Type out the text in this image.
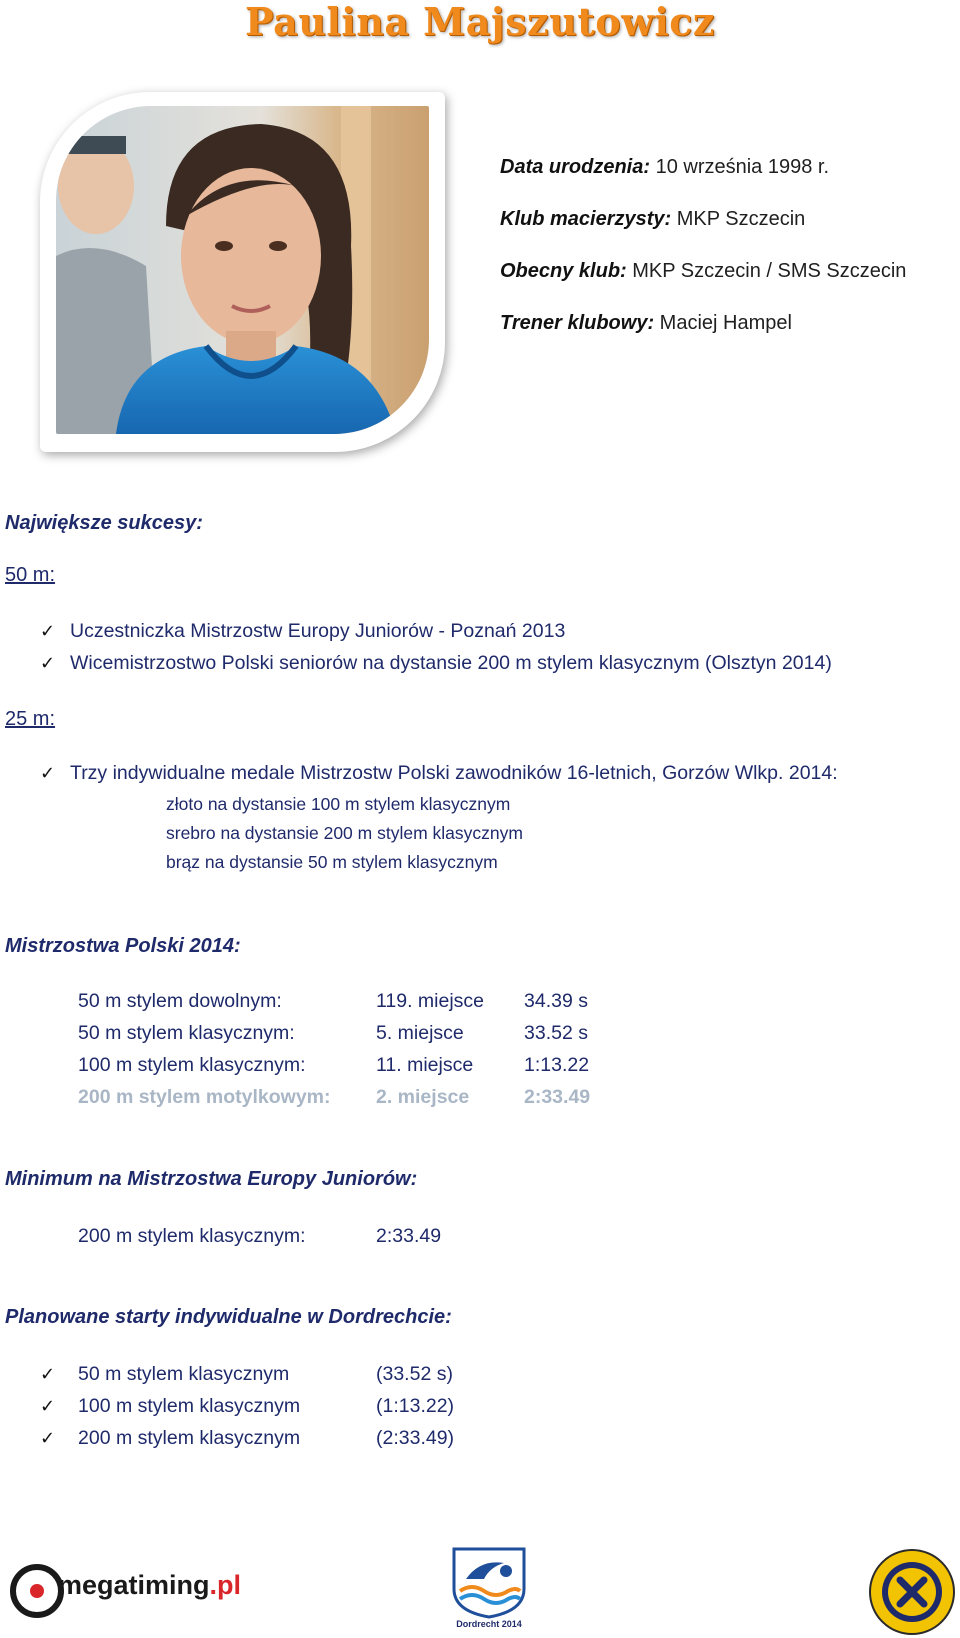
Paulina Majszutowicz
Data urodzenia: 10 września 1998 r.
Klub macierzysty: MKP Szczecin
Obecny klub: MKP Szczecin / SMS Szczecin
Trener klubowy: Maciej Hampel
Największe sukcesy:
50 m:
✓ Uczestniczka Mistrzostw Europy Juniorów - Poznań 2013
✓ Wicemistrzostwo Polski seniorów na dystansie 200 m stylem klasycznym (Olsztyn 2014)
25 m:
✓ Trzy indywidualne medale Mistrzostw Polski zawodników 16-letnich, Gorzów Wlkp. 2014:
złoto na dystansie 100 m stylem klasycznym
srebro na dystansie 200 m stylem klasycznym
brąz na dystansie 50 m stylem klasycznym
Mistrzostwa Polski 2014:
50 m stylem dowolnym:	119. miejsce 34.39 s
50 m stylem klasycznym:	5. miejsce	33.52 s
100 m stylem klasycznym:	11. miejsce	1:13.22
200 m stylem motylkowym: 2. miejsce	2:33.49
Minimum na Mistrzostwa Europy Juniorów:
200 m stylem klasycznym:	2:33.49
Planowane starty indywidualne w Dordrechcie:
✓ 50 m stylem klasycznym	(33.52 s)
✓ 100 m stylem klasycznym	(1:13.22)
✓ 200 m stylem klasycznym	(2:33.49)
megatiming.pl
Dordrecht 2014
